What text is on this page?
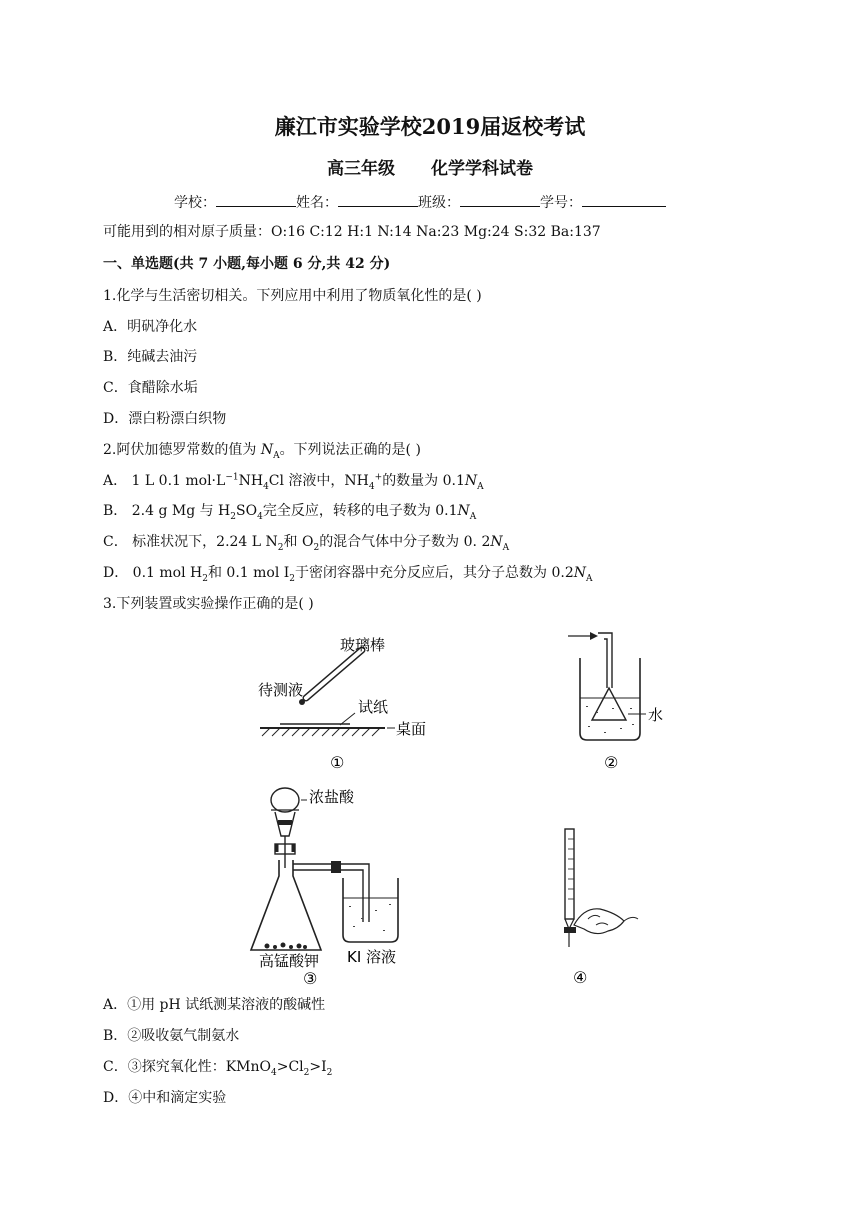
廉江市实验学校2019届返校考试
高三年级 化学学科试卷
学校：	姓名：	班级：	学号：
可能用到的相对原子质量：O:16 C:12 H:1 N:14 Na:23 Mg:24 S:32 Ba:137
一、单选题(共 7 小题,每小题 6 分,共 42 分)
1.化学与生活密切相关。下列应用中利用了物质氧化性的是( )
A．明矾净化水
B．纯碱去油污
C．食醋除水垢
D．漂白粉漂白织物
2.阿伏加德罗常数的值为 $N_A$。下列说法正确的是( )
A． 1 L 0.1 $mol\cdot L^{-1}NH_4Cl$ 溶液中，$NH_4^+$的数量为 $0.1N_A$
B． 2.4 g Mg 与 $H_2SO_4$完全反应，转移的电子数为 $0.1N_A$
C． 标准状况下，2.24 L $N_2$和 $O_2$的混合气体中分子数为 0. $2N_A$
D． 0.1 mol $H_2$和 0.1 mol $I_2$于密闭容器中充分反应后，其分子总数为 $0.2N_A$
3.下列装置或实验操作正确的是( )
玻璃棒
待测液
试纸
桌面
①
水
②
浓盐酸
高锰酸钾 KI 溶液
③	④
A．①用 pH 试纸测某溶液的酸碱性
B．②吸收氨气制氨水
C．③探究氧化性：$KMnO_4>Cl_2>I_2$
D．④中和滴定实验
